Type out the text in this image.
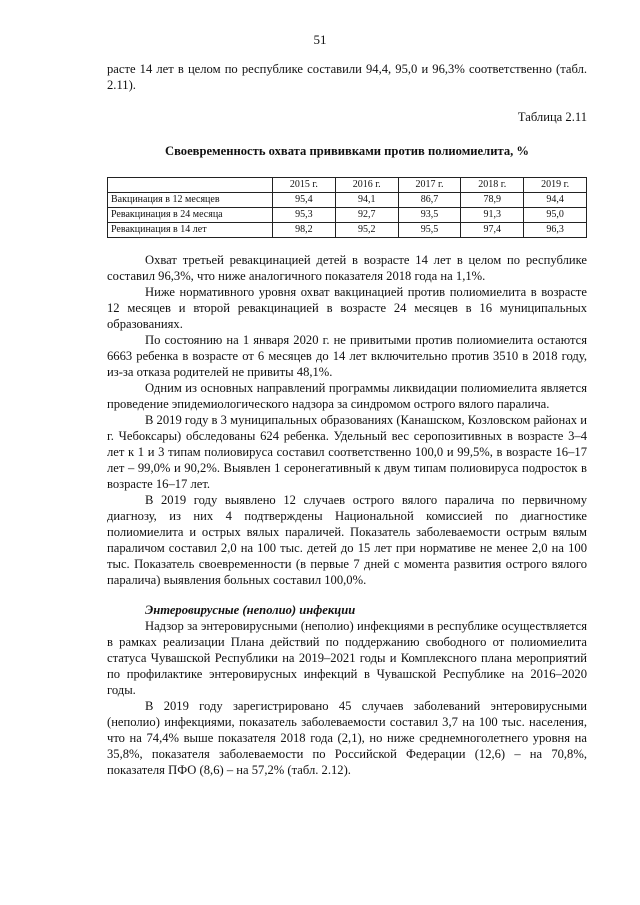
51

расте 14 лет в целом по республике составили 94,4, 95,0 и 96,3% соответственно (табл. 2.11).

Таблица 2.11
Своевременность охвата прививками против полиомиелита, %
	2015 г.	2016 г.	2017 г.	2018 г.	2019 г.
Вакцинация в 12 месяцев	95,4	94,1	86,7	78,9	94,4
Ревакцинация в 24 месяца	95,3	92,7	93,5	91,3	95,0
Ревакцинация в 14 лет	98,2	95,2	95,5	97,4	96,3

Охват третьей ревакцинацией детей в возрасте 14 лет в целом по республике составил 96,3%, что ниже аналогичного показателя 2018 года на 1,1%.

Ниже нормативного уровня охват вакцинацией против полиомиелита в возрасте 12 месяцев и второй ревакцинацией в возрасте 24 месяцев в 16 муниципальных образованиях.

По состоянию на 1 января 2020 г. не привитыми против полиомиелита остаются 6663 ребенка в возрасте от 6 месяцев до 14 лет включительно против 3510 в 2018 году, из-за отказа родителей не привиты 48,1%.

Одним из основных направлений программы ликвидации полиомиелита является проведение эпидемиологического надзора за синдромом острого вялого паралича.

В 2019 году в 3 муниципальных образованиях (Канашском, Козловском районах и г. Чебоксары) обследованы 624 ребенка. Удельный вес серопозитивных в возрасте 3–4 лет к 1 и 3 типам полиовируса составил соответственно 100,0 и 99,5%, в возрасте 16–17 лет – 99,0% и 90,2%. Выявлен 1 серонегативный к двум типам полиовируса подросток в возрасте 16–17 лет.

В 2019 году выявлено 12 случаев острого вялого паралича по первичному диагнозу, из них 4 подтверждены Национальной комиссией по диагностике полиомиелита и острых вялых параличей. Показатель заболеваемости острым вялым параличом составил 2,0 на 100 тыс. детей до 15 лет при нормативе не менее 2,0 на 100 тыс. Показатель своевременности (в первые 7 дней с момента развития острого вялого паралича) выявления больных составил 100,0%.

Энтеровирусные (неполио) инфекции

Надзор за энтеровирусными (неполио) инфекциями в республике осуществляется в рамках реализации Плана действий по поддержанию свободного от полиомиелита статуса Чувашской Республики на 2019–2021 годы и Комплексного плана мероприятий по профилактике энтеровирусных инфекций в Чувашской Республике на 2016–2020 годы.

В 2019 году зарегистрировано 45 случаев заболеваний энтеровирусными (неполио) инфекциями, показатель заболеваемости составил 3,7 на 100 тыс. населения, что на 74,4% выше показателя 2018 года (2,1), но ниже среднемноголетнего уровня на 35,8%, показателя заболеваемости по Российской Федерации (12,6) – на 70,8%, показателя ПФО (8,6) – на 57,2% (табл. 2.12).
